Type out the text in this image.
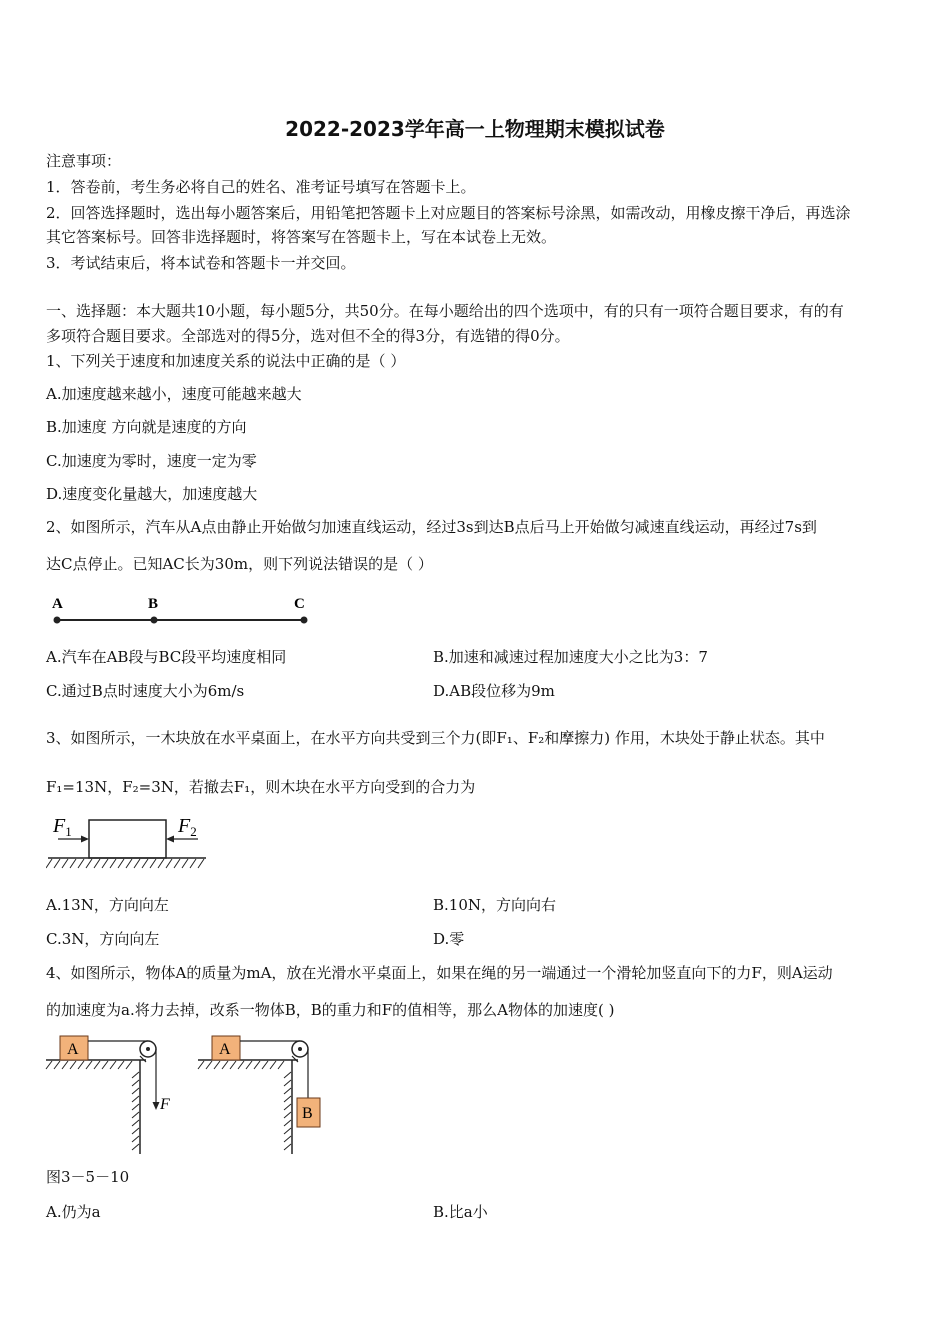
2022-2023学年高一上物理期末模拟试卷
注意事项：
1．答卷前，考生务必将自己的姓名、准考证号填写在答题卡上。
2．回答选择题时，选出每小题答案后，用铅笔把答题卡上对应题目的答案标号涂黑，如需改动，用橡皮擦干净后，再选涂
其它答案标号。回答非选择题时，将答案写在答题卡上，写在本试卷上无效。
3．考试结束后，将本试卷和答题卡一并交回。
一、选择题：本大题共10小题，每小题5分，共50分。在每小题给出的四个选项中，有的只有一项符合题目要求，有的有
多项符合题目要求。全部选对的得5分，选对但不全的得3分，有选错的得0分。
1、下列关于速度和加速度关系的说法中正确的是（ ）
A.加速度越来越小，速度可能越来越大
B.加速度 方向就是速度的方向
C.加速度为零时，速度一定为零
D.速度变化量越大，加速度越大
2、如图所示，汽车从A点由静止开始做匀加速直线运动，经过3s到达B点后马上开始做匀减速直线运动，再经过7s到
达C点停止。已知AC长为30m，则下列说法错误的是（ ）
A	B	C
A.汽车在AB段与BC段平均速度相同	B.加速和减速过程加速度大小之比为3：7
C.通过B点时速度大小为6m/s	D.AB段位移为9m
3、如图所示，一木块放在水平桌面上，在水平方向共受到三个力(即F₁、F₂和摩擦力) 作用，木块处于静止状态。其中
F₁=13N，F₂=3N，若撤去F₁，则木块在水平方向受到的合力为
$F_1$	$F_2$
A.13N，方向向左	B.10N，方向向右
C.3N，方向向左	D.零
4、如图所示，物体A的质量为mA，放在光滑水平桌面上，如果在绳的另一端通过一个滑轮加竖直向下的力F，则A运动
的加速度为a.将力去掉，改系一物体B，B的重力和F的值相等，那么A物体的加速度( )
A
F
A
B
图3－5－10
A.仍为a	B.比a小
